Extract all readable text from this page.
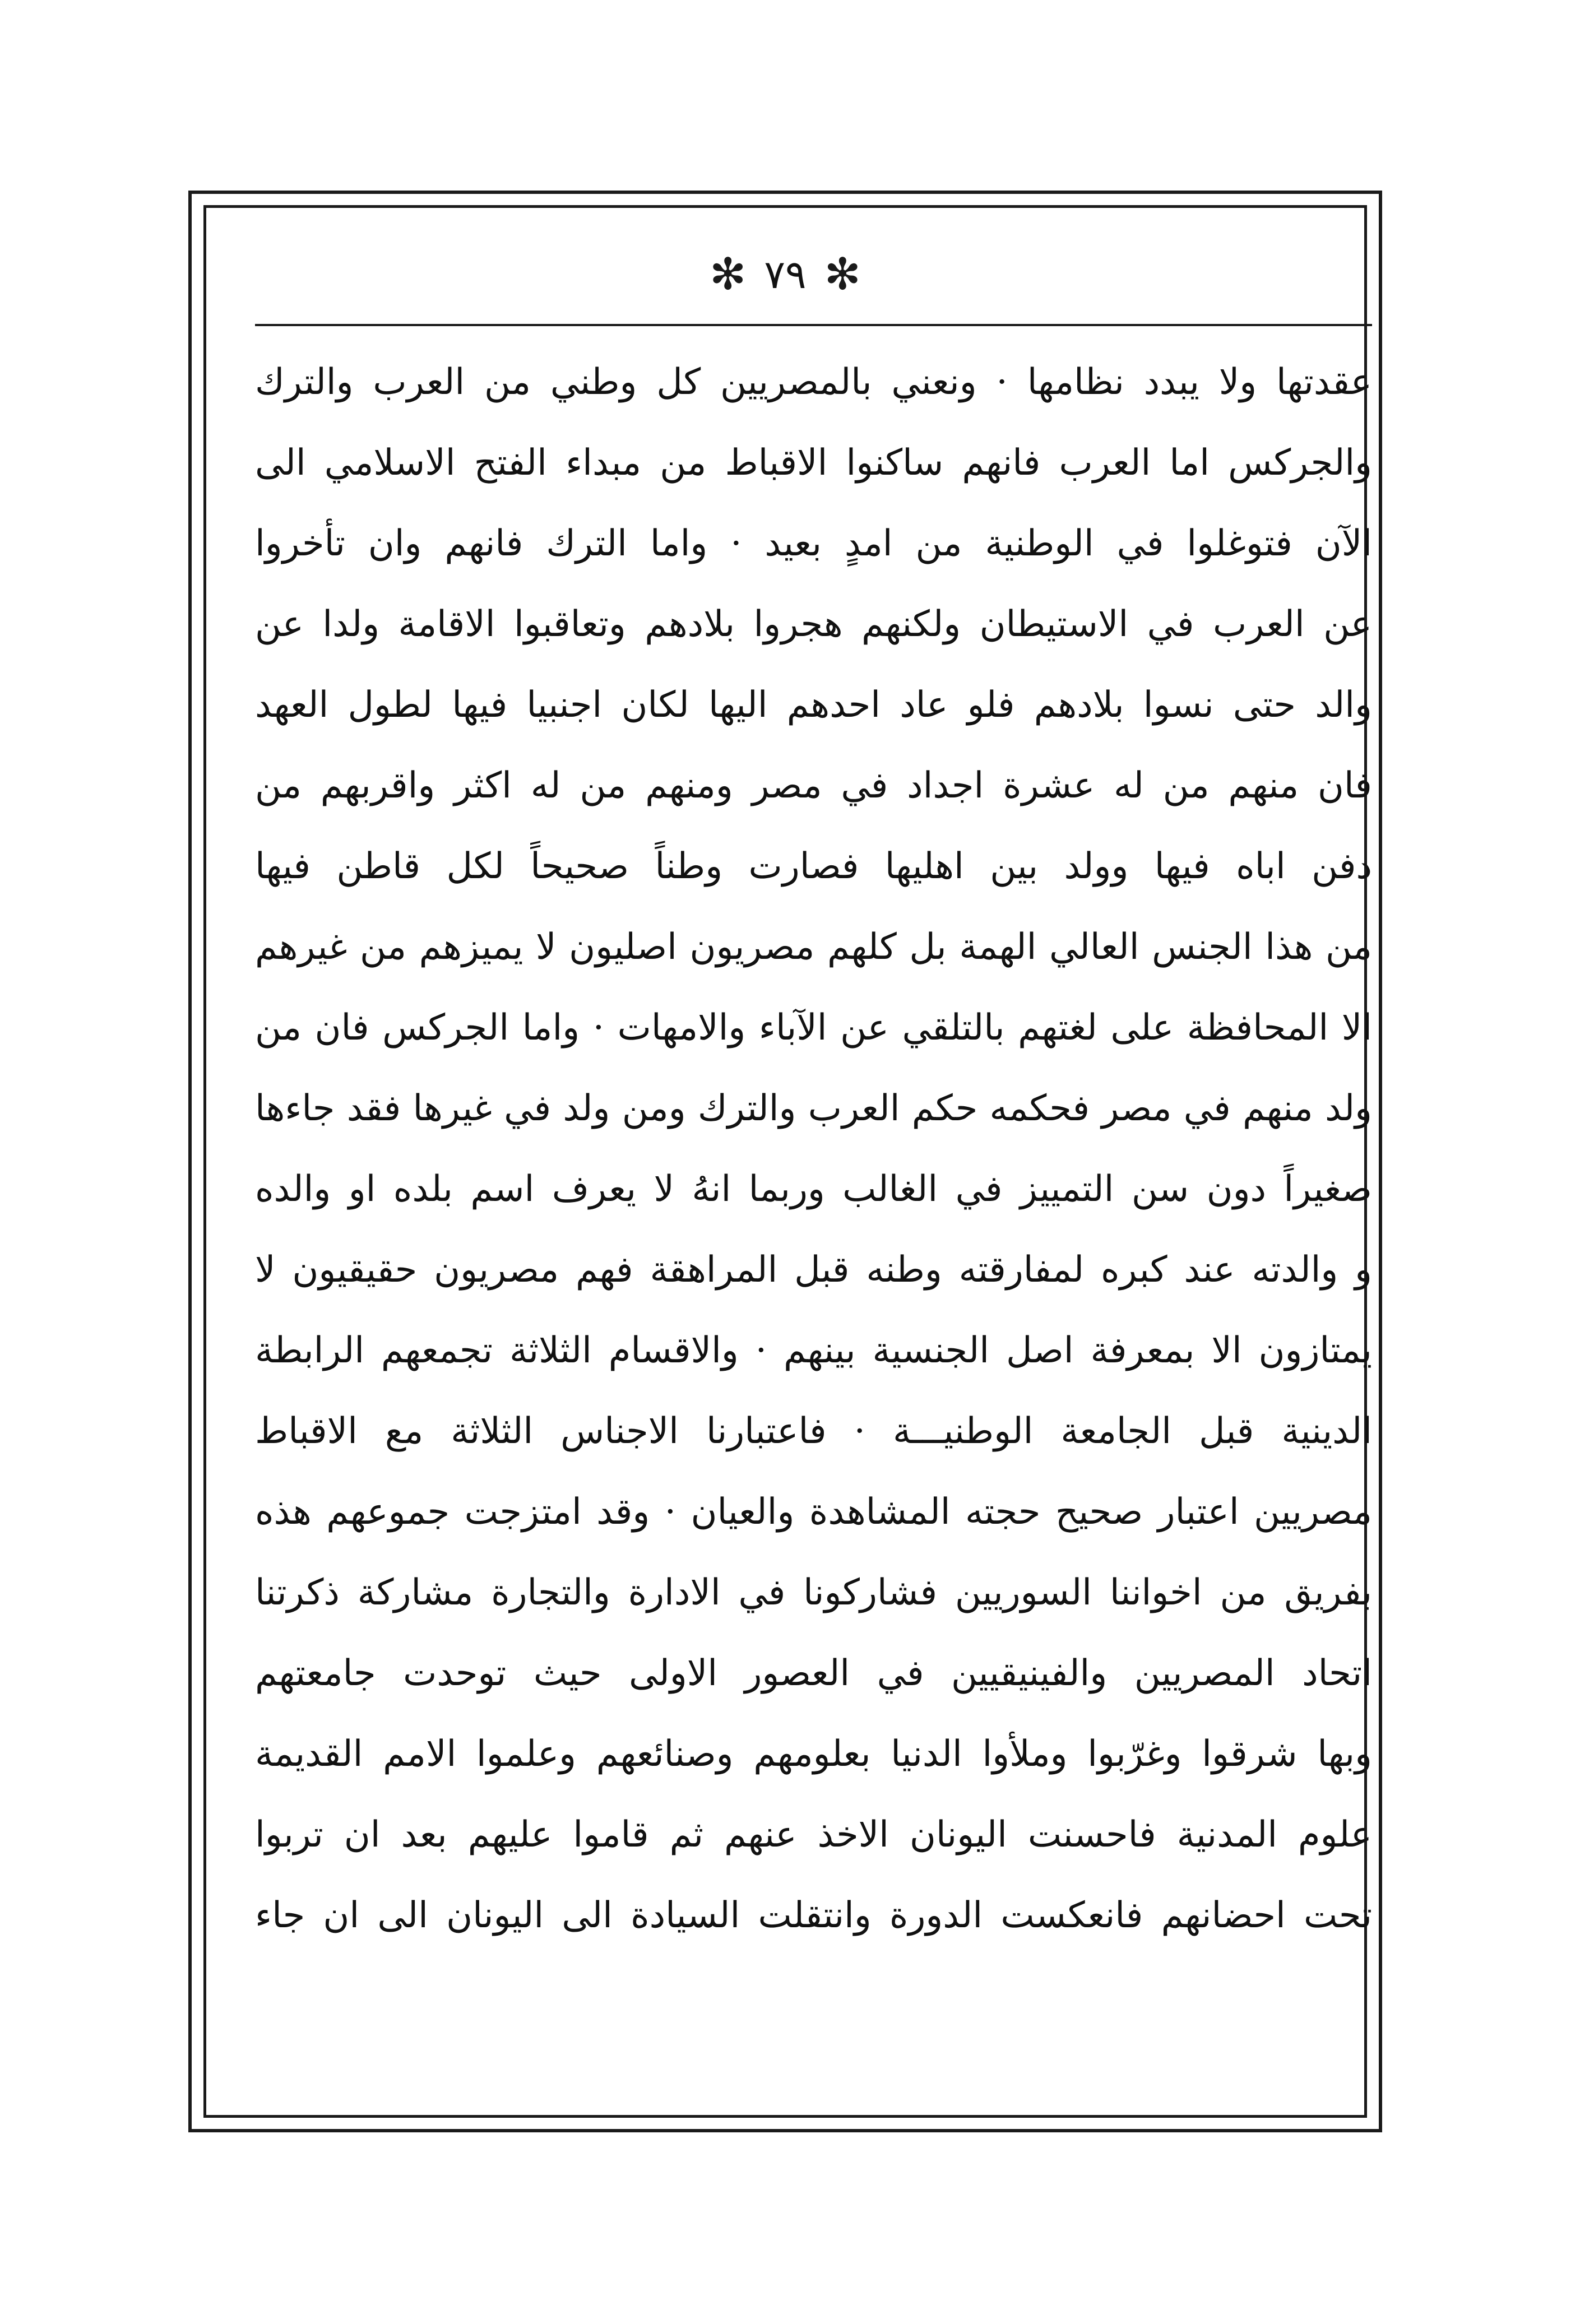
✻
٧٩
✻
عقدتها ولا يبدد نظامها · ونعني بالمصريين كل وطني من العرب والترك
والجركس اما العرب فانهم ساكنوا الاقباط من مبداء الفتح الاسلامي الى
الآن فتوغلوا في الوطنية من امدٍ بعيد · واما الترك فانهم وان تأخروا
عن العرب في الاستيطان ولكنهم هجروا بلادهم وتعاقبوا الاقامة ولدا عن
والد حتى نسوا بلادهم فلو عاد احدهم اليها لكان اجنبيا فيها لطول العهد
فان منهم من له عشرة اجداد في مصر ومنهم من له اكثر واقربهم من
دفن اباه فيها وولد بين اهليها فصارت وطناً صحيحاً لكل قاطن فيها
من هذا الجنس العالي الهمة بل كلهم مصريون اصليون لا يميزهم من غيرهم
الا المحافظة على لغتهم بالتلقي عن الآباء والامهات · واما الجركس فان من
ولد منهم في مصر فحكمه حكم العرب والترك ومن ولد في غيرها فقد جاءها
صغيراً دون سن التمييز في الغالب وربما انهُ لا يعرف اسم بلده او والده
و والدته عند كبره لمفارقته وطنه قبل المراهقة فهم مصريون حقيقيون لا
يمتازون الا بمعرفة اصل الجنسية بينهم · والاقسام الثلاثة تجمعهم الرابطة
الدينية قبل الجامعة الوطنيـــة · فاعتبارنا الاجناس الثلاثة مع الاقباط
مصريين اعتبار صحيح حجته المشاهدة والعيان · وقد امتزجت جموعهم هذه
بفريق من اخواننا السوريين فشاركونا في الادارة والتجارة مشاركة ذكرتنا
اتحاد المصريين والفينيقيين في العصور الاولى حيث توحدت جامعتهم
وبها شرقوا وغرّبوا وملأوا الدنيا بعلومهم وصنائعهم وعلموا الامم القديمة
علوم المدنية فاحسنت اليونان الاخذ عنهم ثم قاموا عليهم بعد ان تربوا
تحت احضانهم فانعكست الدورة وانتقلت السيادة الى اليونان الى ان جاء
